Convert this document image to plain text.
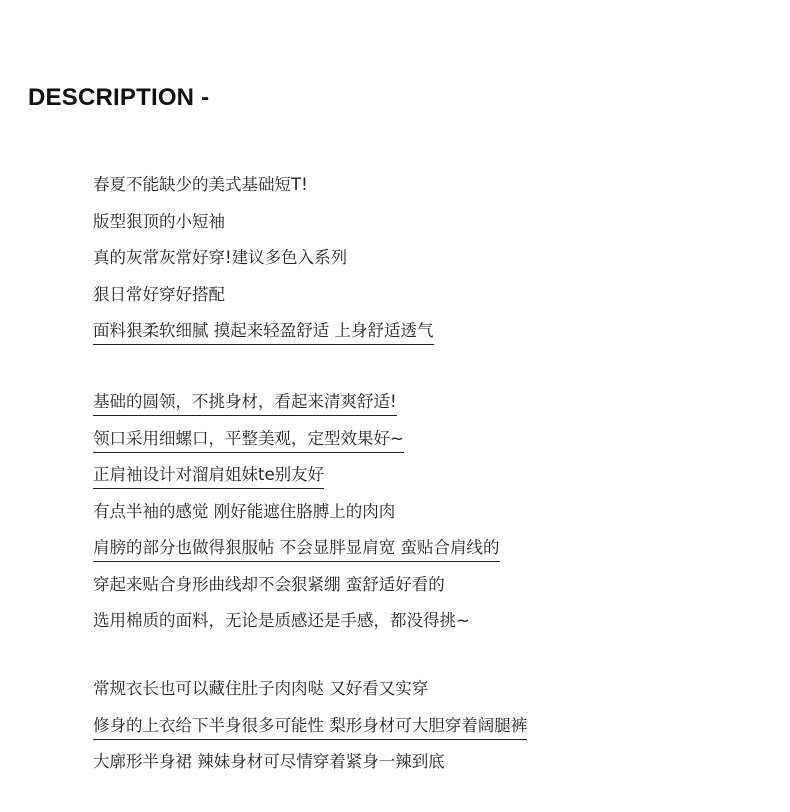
DESCRIPTION -
春夏不能缺少的美式基础短T!
版型狠顶的小短袖
真的灰常灰常好穿!建议多色入系列
狠日常好穿好搭配
面料狠柔软细腻 摸起来轻盈舒适 上身舒适透气
基础的圆领，不挑身材，看起来清爽舒适!
领口采用细螺口，平整美观，定型效果好~
正肩袖设计对溜肩姐妹te别友好
有点半袖的感觉 刚好能遮住胳膊上的肉肉
肩膀的部分也做得狠服帖 不会显胖显肩宽 蛮贴合肩线的
穿起来贴合身形曲线却不会狠紧绷 蛮舒适好看的
选用棉质的面料，无论是质感还是手感，都没得挑~
常规衣长也可以藏住肚子肉肉哒 又好看又实穿
修身的上衣给下半身很多可能性 梨形身材可大胆穿着阔腿裤
大廓形半身裙 辣妹身材可尽情穿着紧身一辣到底
